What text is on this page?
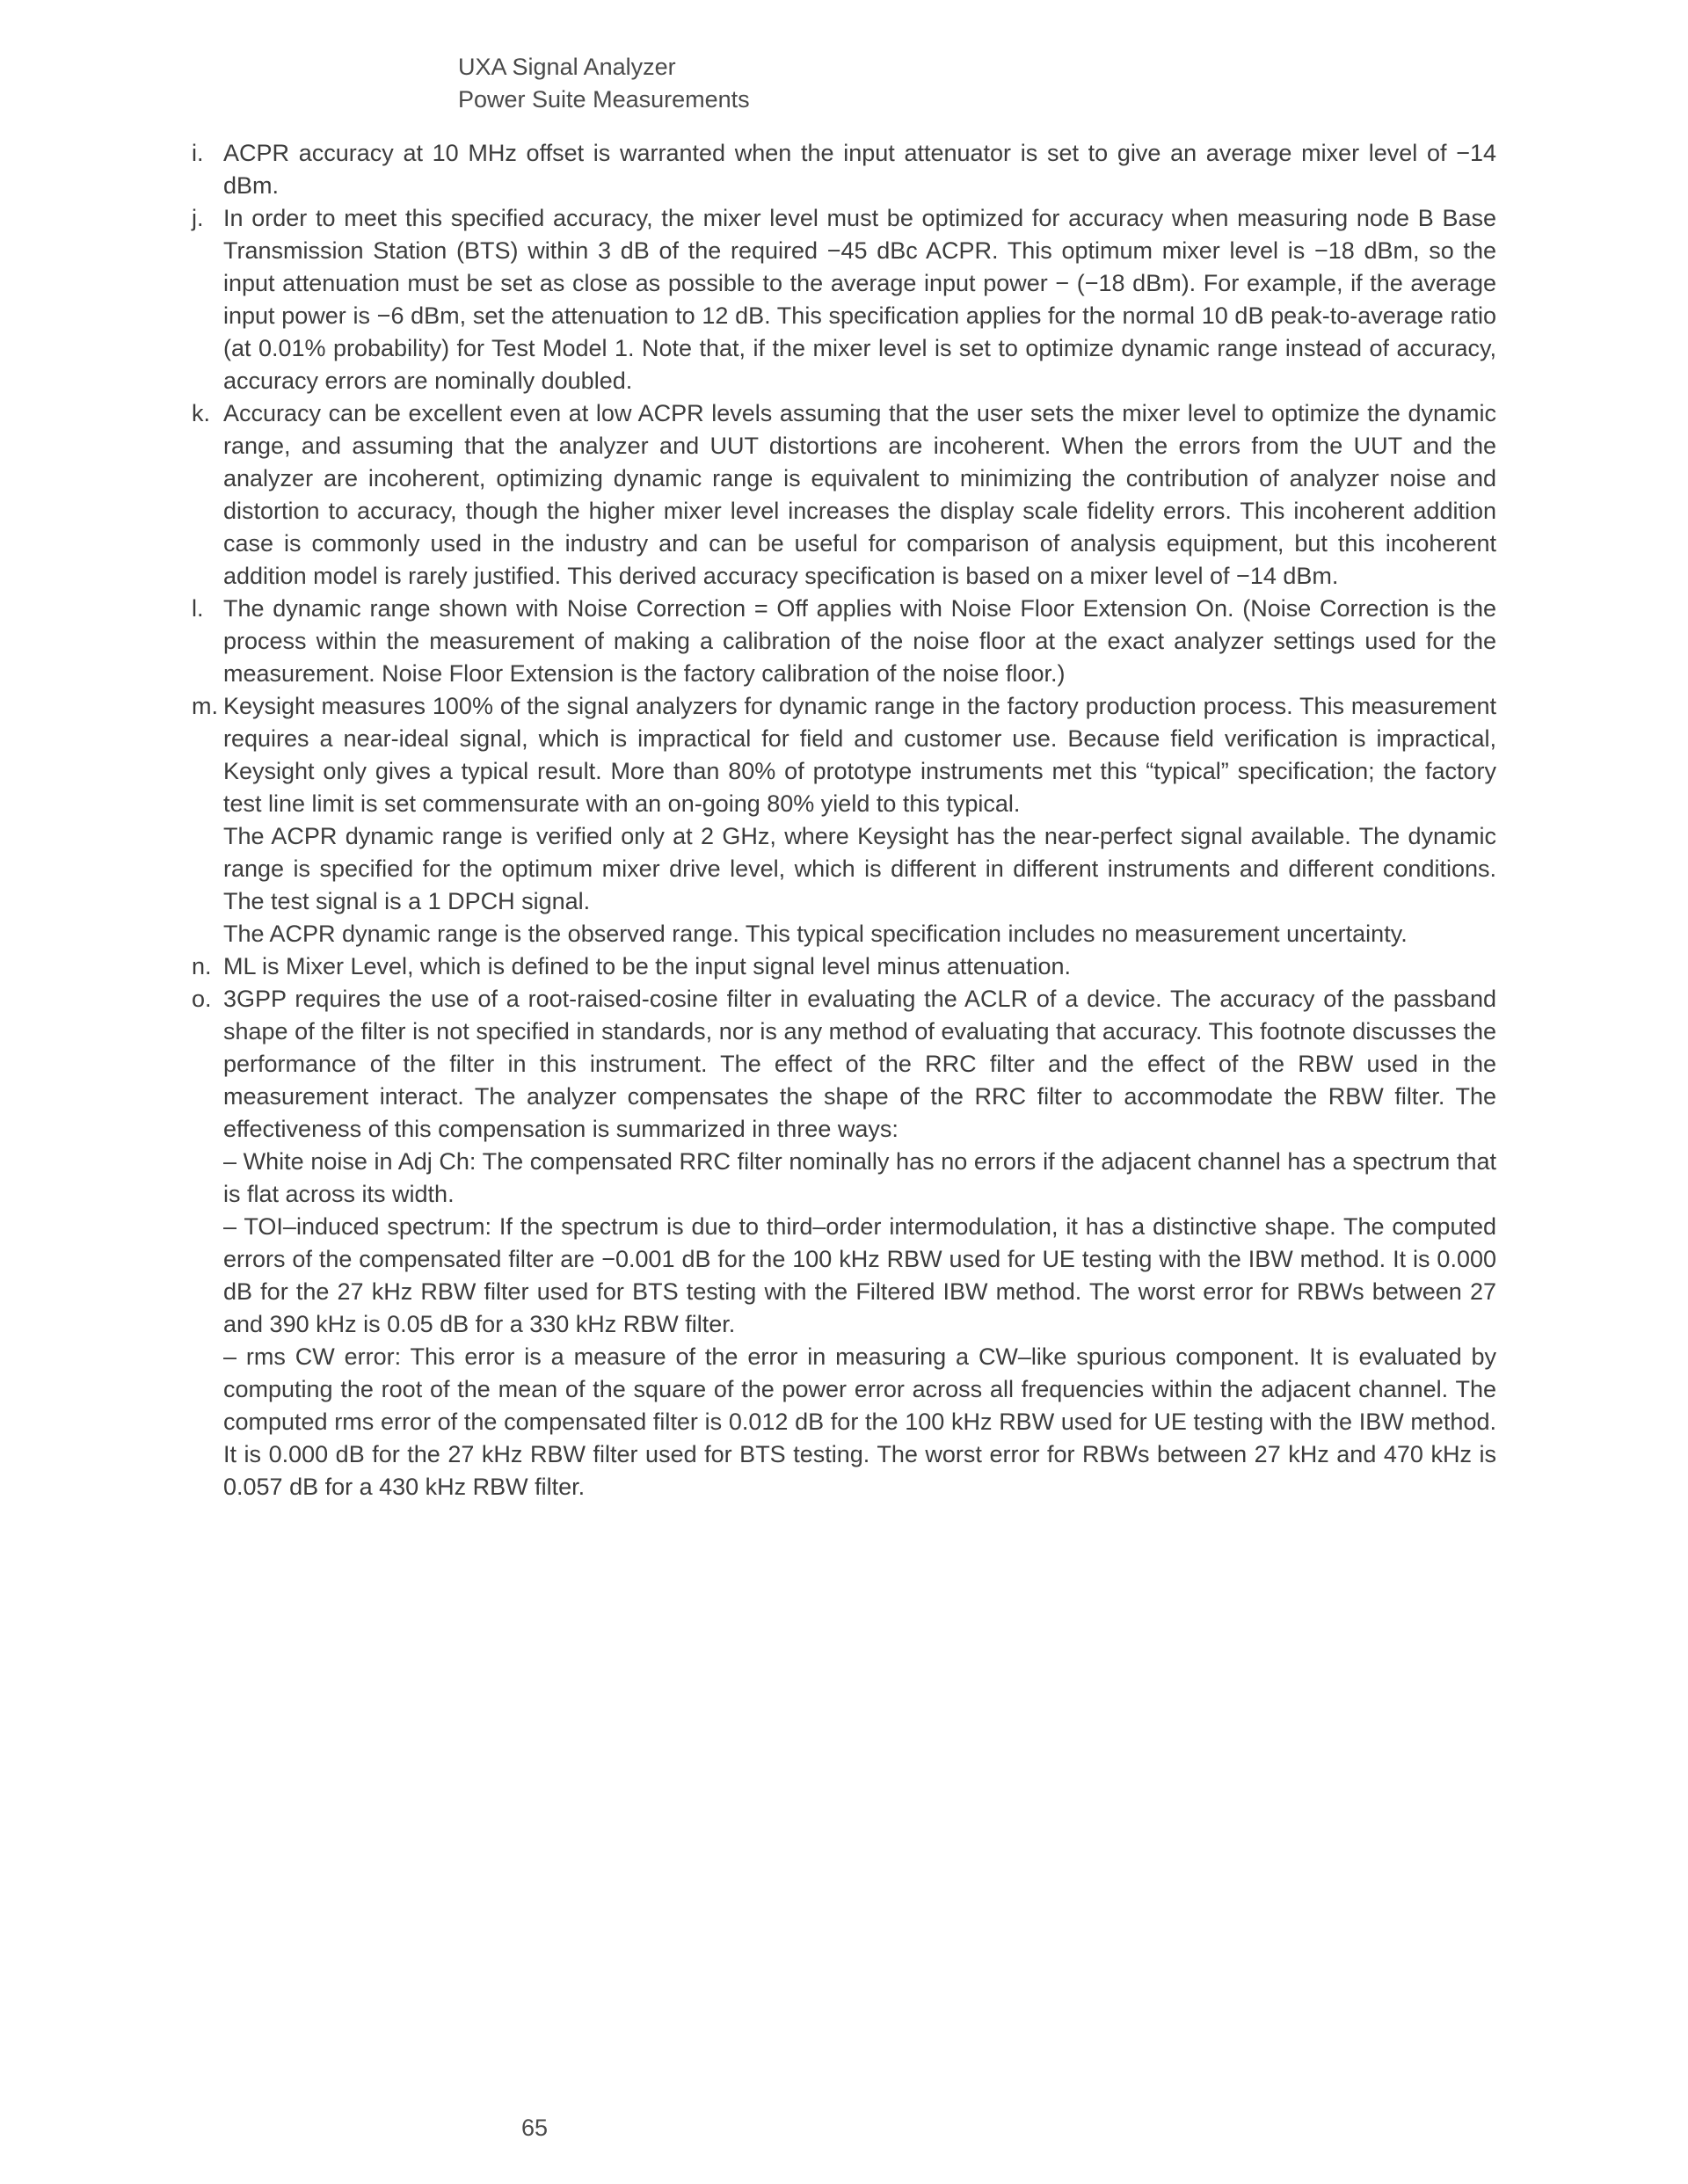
UXA Signal Analyzer
Power Suite Measurements
i. ACPR accuracy at 10 MHz offset is warranted when the input attenuator is set to give an average mixer level of −14 dBm.

j. In order to meet this specified accuracy, the mixer level must be optimized for accuracy when measuring node B Base Transmission Station (BTS) within 3 dB of the required −45 dBc ACPR. This optimum mixer level is −18 dBm, so the input attenuation must be set as close as possible to the average input power − (−18 dBm). For example, if the average input power is −6 dBm, set the attenuation to 12 dB. This specification applies for the normal 10 dB peak-to-average ratio (at 0.01% probability) for Test Model 1. Note that, if the mixer level is set to optimize dynamic range instead of accuracy, accuracy errors are nominally doubled.

k. Accuracy can be excellent even at low ACPR levels assuming that the user sets the mixer level to optimize the dynamic range, and assuming that the analyzer and UUT distortions are incoherent. When the errors from the UUT and the analyzer are incoherent, optimizing dynamic range is equivalent to minimizing the contribution of analyzer noise and distortion to accuracy, though the higher mixer level increases the display scale fidelity errors. This incoherent addition case is commonly used in the industry and can be useful for comparison of analysis equipment, but this incoherent addition model is rarely justified. This derived accuracy specification is based on a mixer level of −14 dBm.

l. The dynamic range shown with Noise Correction = Off applies with Noise Floor Extension On. (Noise Correction is the process within the measurement of making a calibration of the noise floor at the exact analyzer settings used for the measurement. Noise Floor Extension is the factory calibration of the noise floor.)

m. Keysight measures 100% of the signal analyzers for dynamic range in the factory production process. This measurement requires a near-ideal signal, which is impractical for field and customer use. Because field verification is impractical, Keysight only gives a typical result. More than 80% of prototype instruments met this “typical” specification; the factory test line limit is set commensurate with an on-going 80% yield to this typical.

The ACPR dynamic range is verified only at 2 GHz, where Keysight has the near-perfect signal available. The dynamic range is specified for the optimum mixer drive level, which is different in different instruments and different conditions. The test signal is a 1 DPCH signal.

The ACPR dynamic range is the observed range. This typical specification includes no measurement uncertainty.

n. ML is Mixer Level, which is defined to be the input signal level minus attenuation.

o. 3GPP requires the use of a root-raised-cosine filter in evaluating the ACLR of a device. The accuracy of the passband shape of the filter is not specified in standards, nor is any method of evaluating that accuracy. This footnote discusses the performance of the filter in this instrument. The effect of the RRC filter and the effect of the RBW used in the measurement interact. The analyzer compensates the shape of the RRC filter to accommodate the RBW filter. The effectiveness of this compensation is summarized in three ways:

– White noise in Adj Ch: The compensated RRC filter nominally has no errors if the adjacent channel has a spectrum that is flat across its width.

– TOI–induced spectrum: If the spectrum is due to third–order intermodulation, it has a distinctive shape. The computed errors of the compensated filter are −0.001 dB for the 100 kHz RBW used for UE testing with the IBW method. It is 0.000 dB for the 27 kHz RBW filter used for BTS testing with the Filtered IBW method. The worst error for RBWs between 27 and 390 kHz is 0.05 dB for a 330 kHz RBW filter.

– rms CW error: This error is a measure of the error in measuring a CW–like spurious component. It is evaluated by computing the root of the mean of the square of the power error across all frequencies within the adjacent channel. The computed rms error of the compensated filter is 0.012 dB for the 100 kHz RBW used for UE testing with the IBW method. It is 0.000 dB for the 27 kHz RBW filter used for BTS testing. The worst error for RBWs between 27 kHz and 470 kHz is 0.057 dB for a 430 kHz RBW filter.

65
